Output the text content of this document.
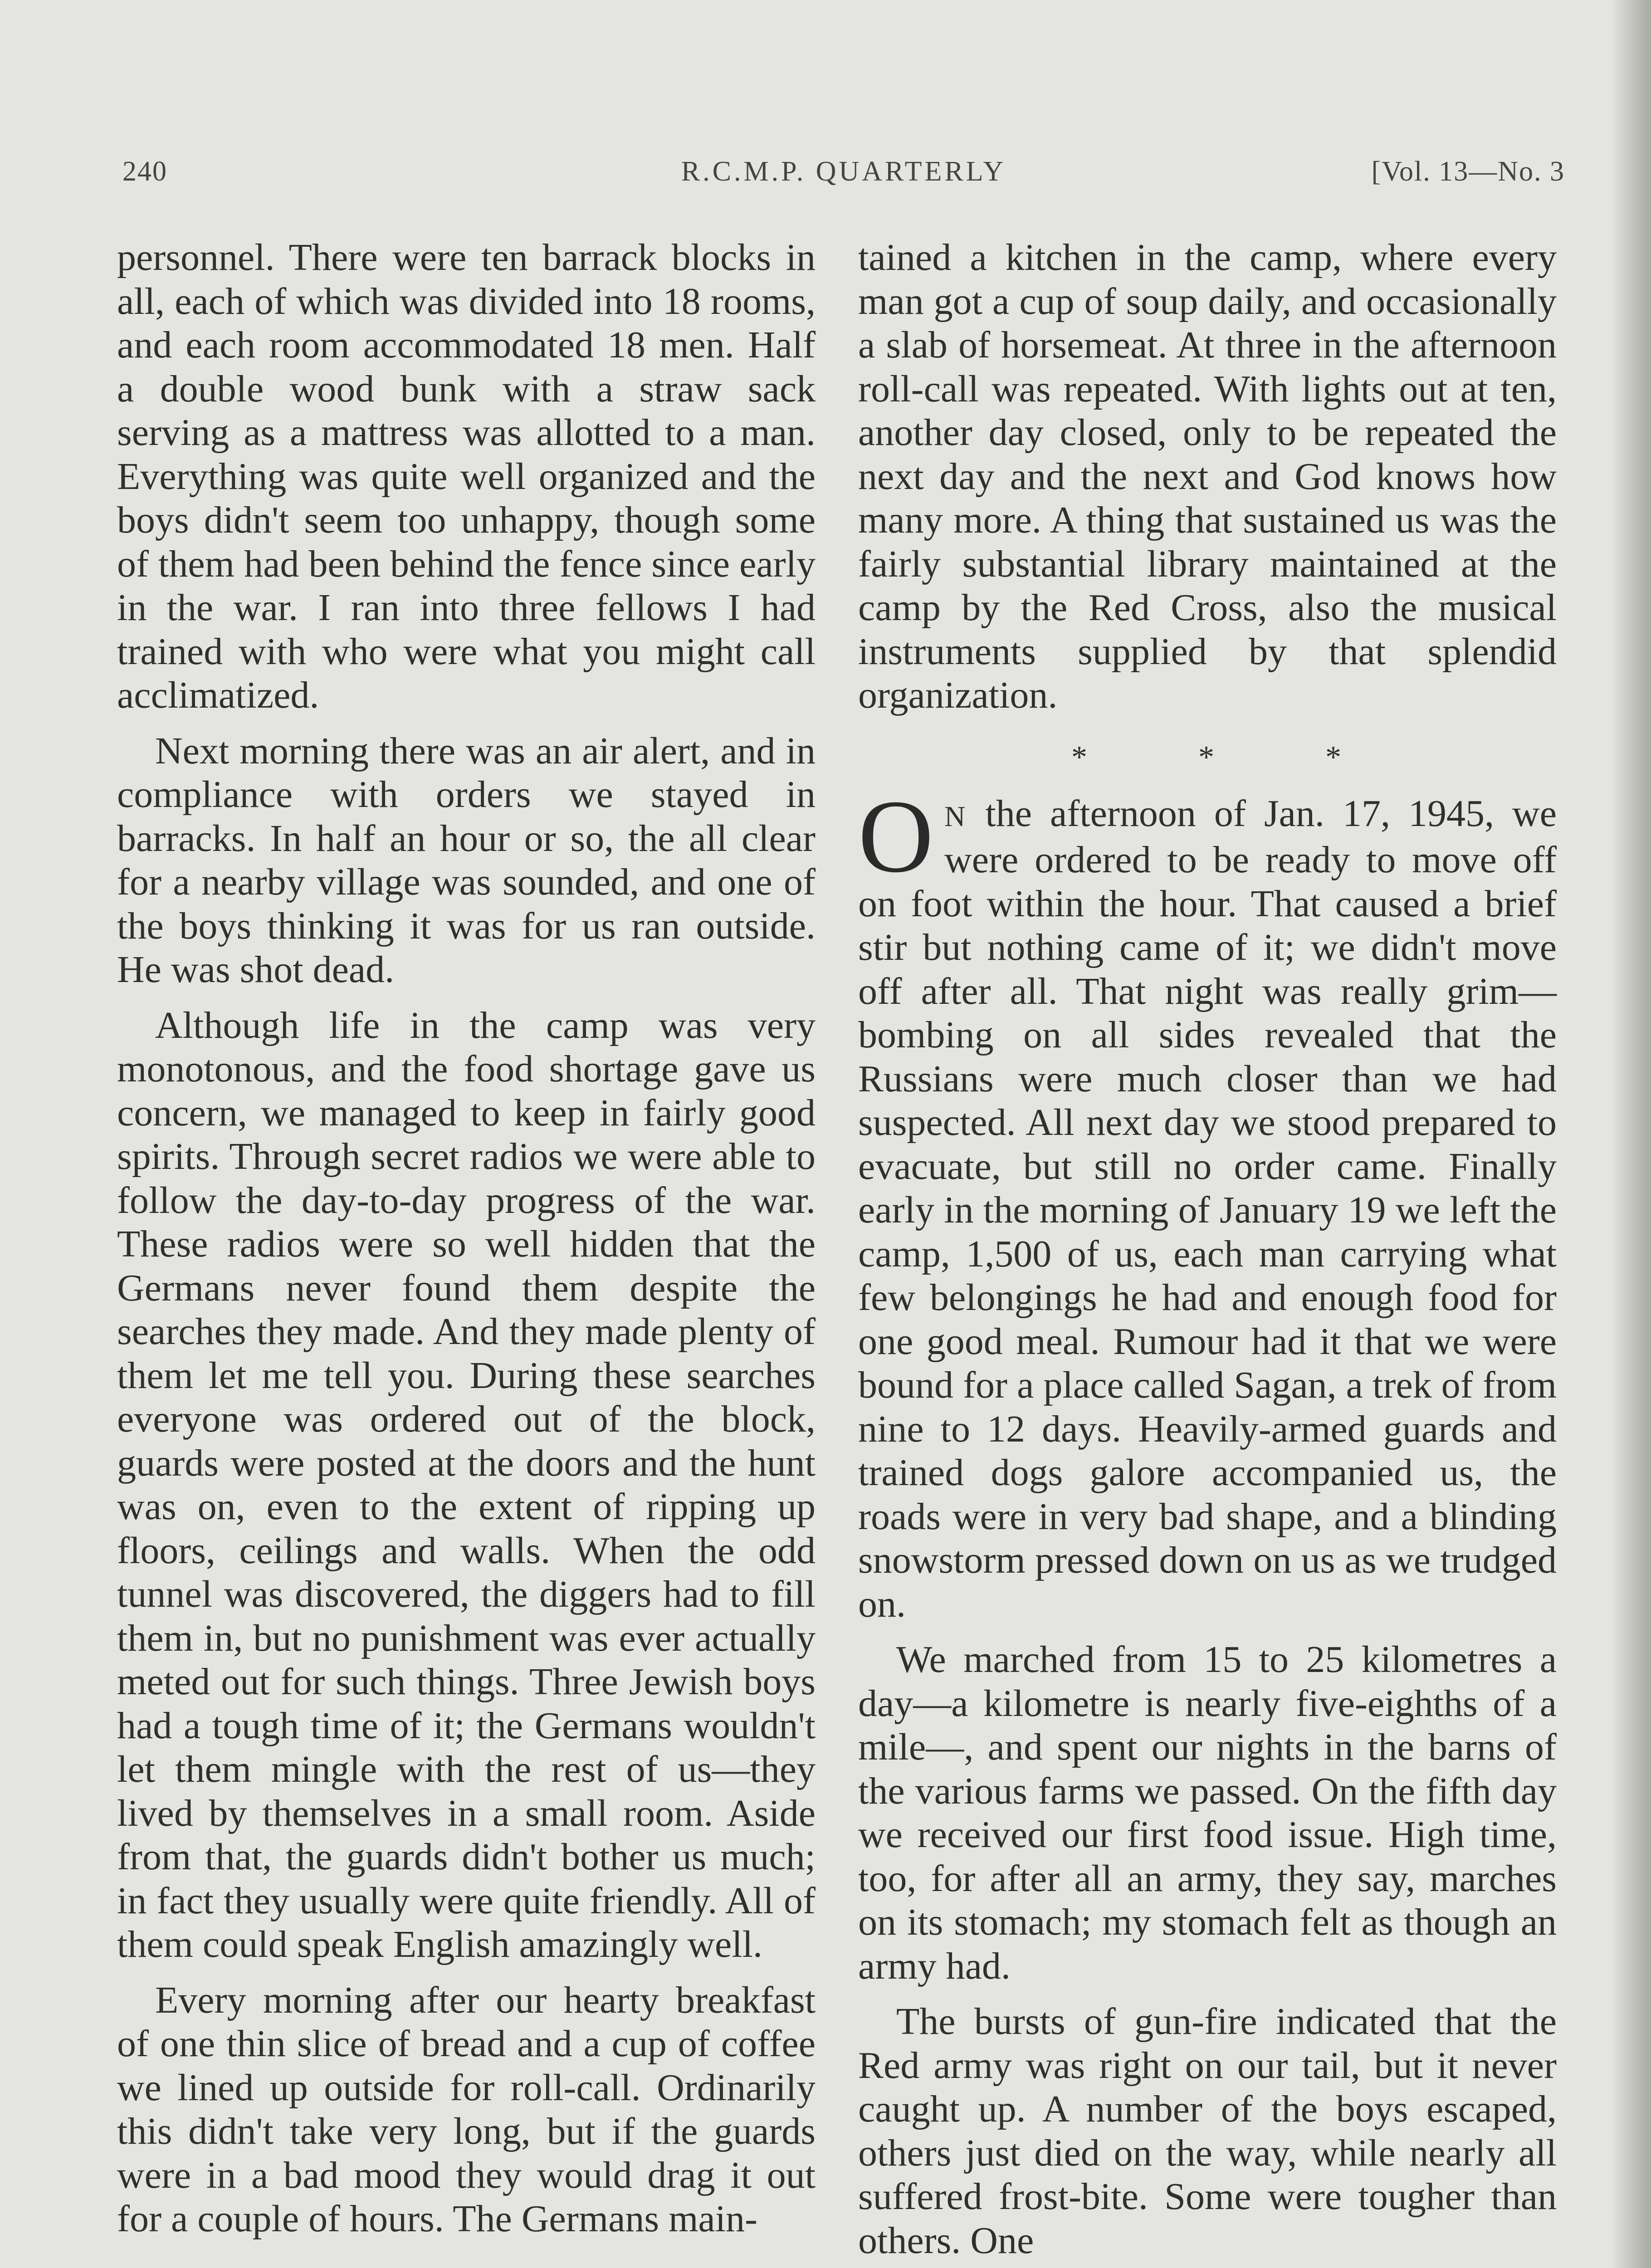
240	R.C.M.P. QUARTERLY	[Vol. 13—No. 3

personnel. There were ten barrack blocks in all, each of which was divided into 18 rooms, and each room accommodated 18 men. Half a double wood bunk with a straw sack serving as a mattress was allotted to a man. Everything was quite well organized and the boys didn't seem too unhappy, though some of them had been behind the fence since early in the war. I ran into three fellows I had trained with who were what you might call acclimatized.

Next morning there was an air alert, and in compliance with orders we stayed in barracks. In half an hour or so, the all clear for a nearby village was sounded, and one of the boys thinking it was for us ran outside. He was shot dead.

Although life in the camp was very monotonous, and the food shortage gave us concern, we managed to keep in fairly good spirits. Through secret radios we were able to follow the day-to-day progress of the war. These radios were so well hidden that the Germans never found them despite the searches they made. And they made plenty of them let me tell you. During these searches everyone was ordered out of the block, guards were posted at the doors and the hunt was on, even to the extent of ripping up floors, ceilings and walls. When the odd tunnel was discovered, the diggers had to fill them in, but no punishment was ever actually meted out for such things. Three Jewish boys had a tough time of it; the Germans wouldn't let them mingle with the rest of us—they lived by themselves in a small room. Aside from that, the guards didn't bother us much; in fact they usually were quite friendly. All of them could speak English amazingly well.

Every morning after our hearty breakfast of one thin slice of bread and a cup of coffee we lined up outside for roll-call. Ordinarily this didn't take very long, but if the guards were in a bad mood they would drag it out for a couple of hours. The Germans main-

tained a kitchen in the camp, where every man got a cup of soup daily, and occasionally a slab of horsemeat. At three in the afternoon roll-call was repeated. With lights out at ten, another day closed, only to be repeated the next day and the next and God knows how many more. A thing that sustained us was the fairly substantial library maintained at the camp by the Red Cross, also the musical instruments supplied by that splendid organization.

*	*	*

O N the afternoon of Jan. 17, 1945, we were ordered to be ready to move off on foot within the hour. That caused a brief stir but nothing came of it; we didn't move off after all. That night was really grim—bombing on all sides revealed that the Russians were much closer than we had suspected. All next day we stood prepared to evacuate, but still no order came. Finally early in the morning of January 19 we left the camp, 1,500 of us, each man carrying what few belongings he had and enough food for one good meal. Rumour had it that we were bound for a place called Sagan, a trek of from nine to 12 days. Heavily-armed guards and trained dogs galore accompanied us, the roads were in very bad shape, and a blinding snowstorm pressed down on us as we trudged on.

We marched from 15 to 25 kilometres a day—a kilometre is nearly five-eighths of a mile—, and spent our nights in the barns of the various farms we passed. On the fifth day we received our first food issue. High time, too, for after all an army, they say, marches on its stomach; my stomach felt as though an army had.

The bursts of gun-fire indicated that the Red army was right on our tail, but it never caught up. A number of the boys escaped, others just died on the way, while nearly all suffered frost-bite. Some were tougher than others. One
